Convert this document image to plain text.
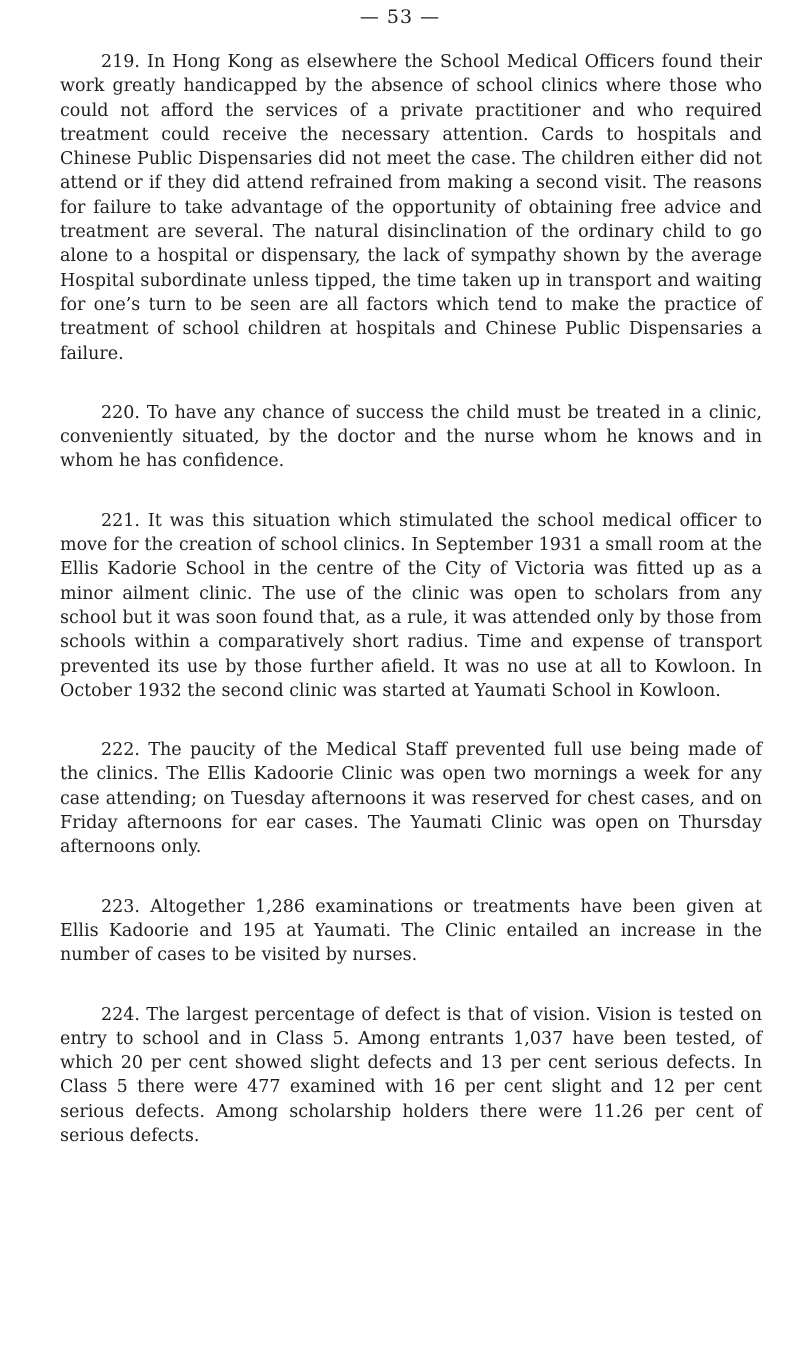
— 53 —

219. In Hong Kong as elsewhere the School Medical Officers found their work greatly handicapped by the absence of school clinics where those who could not afford the services of a private practitioner and who required treatment could receive the necessary attention. Cards to hospitals and Chinese Public Dispensaries did not meet the case. The children either did not attend or if they did attend refrained from making a second visit. The reasons for failure to take advantage of the opportunity of obtaining free advice and treatment are several. The natural disinclination of the ordinary child to go alone to a hospital or dispensary, the lack of sympathy shown by the average Hospital subordinate unless tipped, the time taken up in transport and waiting for one’s turn to be seen are all factors which tend to make the practice of treatment of school children at hospitals and Chinese Public Dispensaries a failure.

220. To have any chance of success the child must be treated in a clinic, conveniently situated, by the doctor and the nurse whom he knows and in whom he has confidence.

221. It was this situation which stimulated the school medical officer to move for the creation of school clinics. In September 1931 a small room at the Ellis Kadorie School in the centre of the City of Victoria was fitted up as a minor ailment clinic. The use of the clinic was open to scholars from any school but it was soon found that, as a rule, it was attended only by those from schools within a comparatively short radius. Time and expense of transport prevented its use by those further afield. It was no use at all to Kowloon. In October 1932 the second clinic was started at Yaumati School in Kowloon.

222. The paucity of the Medical Staff prevented full use being made of the clinics. The Ellis Kadoorie Clinic was open two mornings a week for any case attending; on Tuesday afternoons it was reserved for chest cases, and on Friday afternoons for ear cases. The Yaumati Clinic was open on Thursday afternoons only.

223. Altogether 1,286 examinations or treatments have been given at Ellis Kadoorie and 195 at Yaumati. The Clinic entailed an increase in the number of cases to be visited by nurses.

224. The largest percentage of defect is that of vision. Vision is tested on entry to school and in Class 5. Among entrants 1,037 have been tested, of which 20 per cent showed slight defects and 13 per cent serious defects. In Class 5 there were 477 examined with 16 per cent slight and 12 per cent serious defects. Among scholarship holders there were 11.26 per cent of serious defects.
